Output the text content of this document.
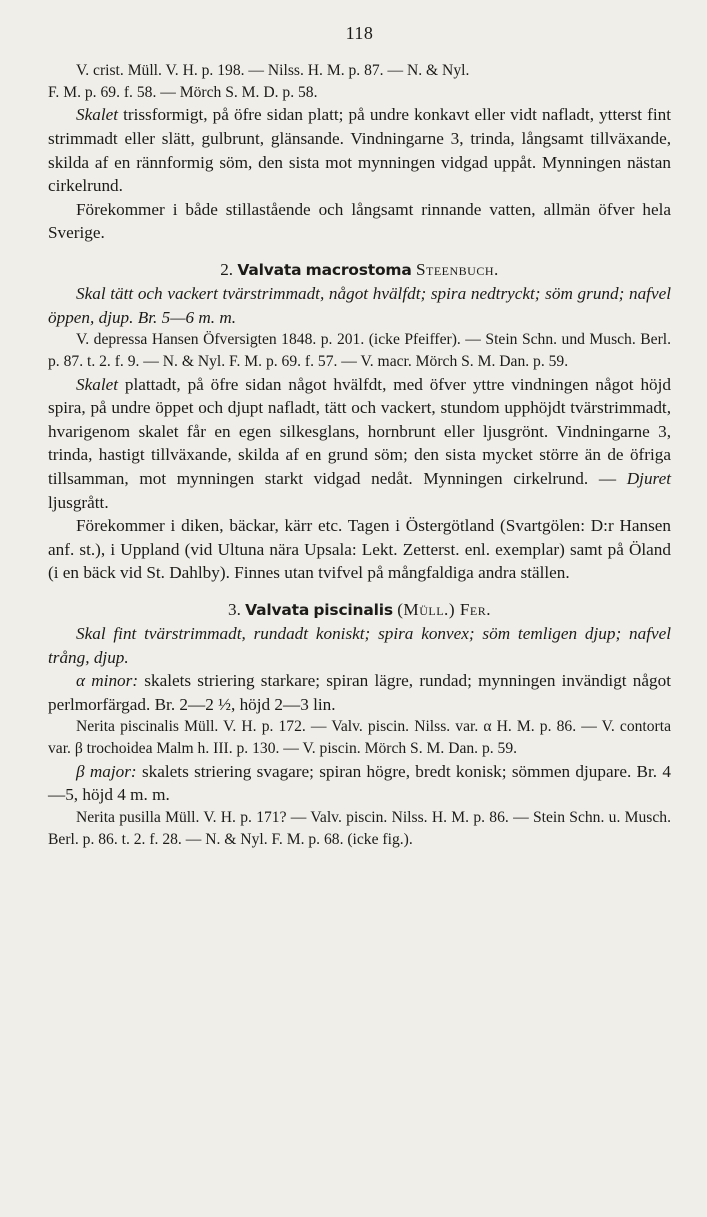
118

V. crist. Müll. V. H. p. 198. — Nilss. H. M. p. 87. — N. & Nyl.

F. M. p. 69. f. 58. — Mörch S. M. D. p. 58.

Skalet trissformigt, på öfre sidan platt; på undre konkavt eller vidt nafladt, ytterst fint strimmadt eller slätt, gulbrunt, glänsande. Vindningarne 3, trinda, långsamt tillväxande, skilda af en rännformig söm, den sista mot mynningen vidgad uppåt. Mynningen nästan cirkelrund.

Förekommer i både stillastående och långsamt rinnande vatten, allmän öfver hela Sverige.

2. Valvata macrostoma Steenbuch.

Skal tätt och vackert tvärstrimmadt, något hvälfdt; spira nedtryckt; söm grund; nafvel öppen, djup. Br. 5—6 m. m.

V. depressa Hansen Öfversigten 1848. p. 201. (icke Pfeiffer). — Stein Schn. und Musch. Berl. p. 87. t. 2. f. 9. — N. & Nyl. F. M. p. 69. f. 57. — V. macr. Mörch S. M. Dan. p. 59.

Skalet plattadt, på öfre sidan något hvälfdt, med öfver yttre vindningen något höjd spira, på undre öppet och djupt nafladt, tätt och vackert, stundom upphöjdt tvärstrimmadt, hvarigenom skalet får en egen silkesglans, hornbrunt eller ljusgrönt. Vindningarne 3, trinda, hastigt tillväxande, skilda af en grund söm; den sista mycket större än de öfriga tillsamman, mot mynningen starkt vidgad nedåt. Mynningen cirkelrund. — Djuret ljusgrått.

Förekommer i diken, bäckar, kärr etc. Tagen i Östergötland (Svartgölen: D:r Hansen anf. st.), i Uppland (vid Ultuna nära Upsala: Lekt. Zetterst. enl. exemplar) samt på Öland (i en bäck vid St. Dahlby). Finnes utan tvifvel på mångfaldiga andra ställen.

3. Valvata piscinalis (Müll.) Fer.

Skal fint tvärstrimmadt, rundadt koniskt; spira konvex; söm temligen djup; nafvel trång, djup.

α minor: skalets striering starkare; spiran lägre, rundad; mynningen invändigt något perlmorfärgad. Br. 2—2 ½, höjd 2—3 lin.

Nerita piscinalis Müll. V. H. p. 172. — Valv. piscin. Nilss. var. α H. M. p. 86. — V. contorta var. β trochoidea Malm h. III. p. 130. — V. piscin. Mörch S. M. Dan. p. 59.

β major: skalets striering svagare; spiran högre, bredt konisk; sömmen djupare. Br. 4—5, höjd 4 m. m.

Nerita pusilla Müll. V. H. p. 171? — Valv. piscin. Nilss. H. M. p. 86. — Stein Schn. u. Musch. Berl. p. 86. t. 2. f. 28. — N. & Nyl. F. M. p. 68. (icke fig.).
